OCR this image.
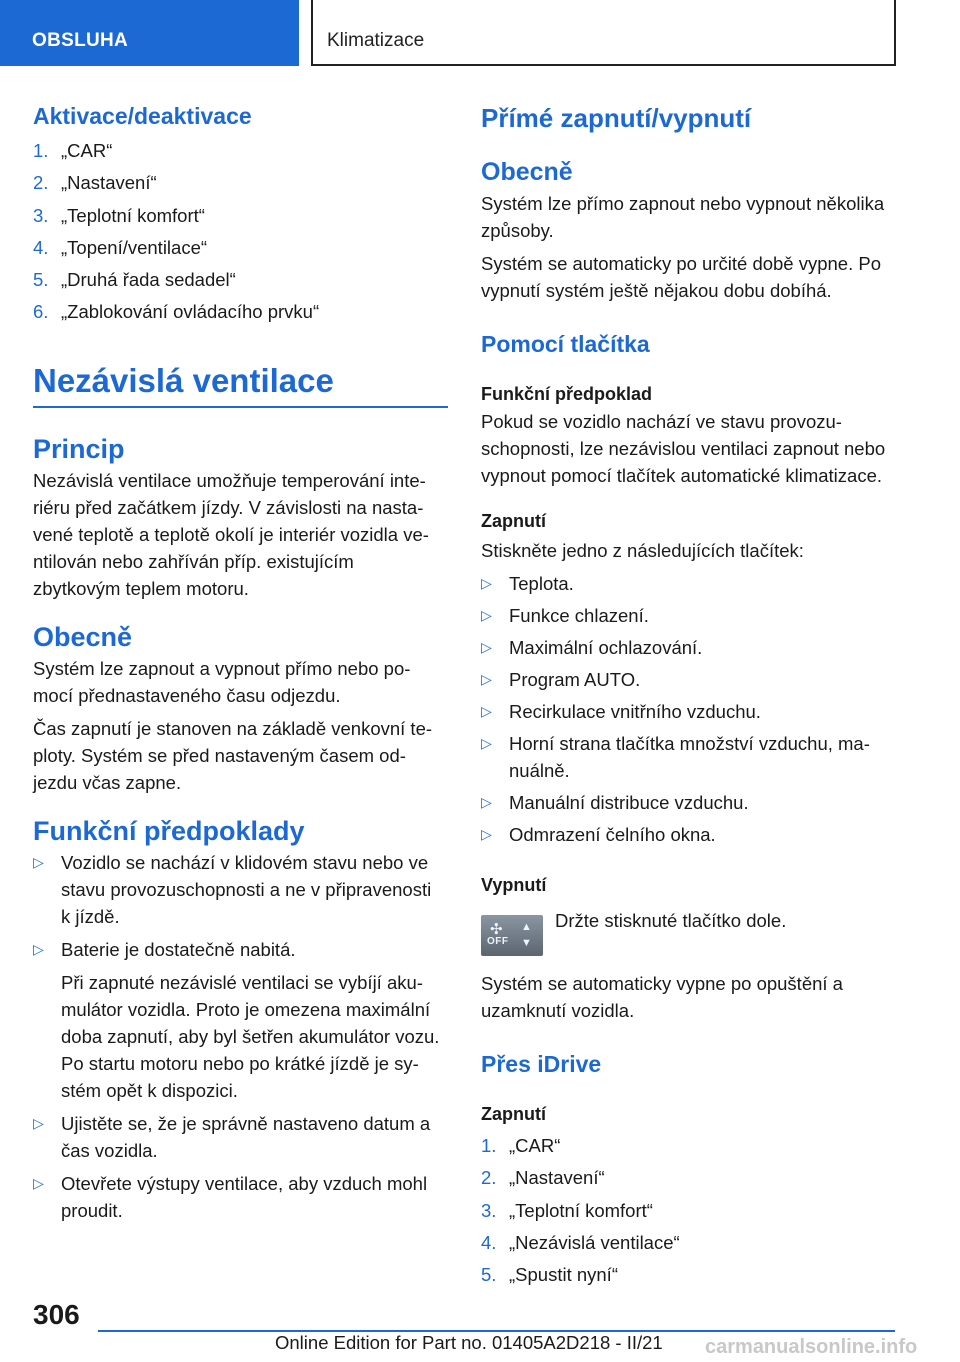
OBSLUHA	Klimatizace
Aktivace/deaktivace
1. „CAR“
2. „Nastavení“
3. „Teplotní komfort“
4. „Topení/ventilace“
5. „Druhá řada sedadel“
6. „Zablokování ovládacího prvku“
Nezávislá ventilace
Princip
Nezávislá ventilace umožňuje temperování inte-
riéru před začátkem jízdy. V závislosti na nasta-
vené teplotě a teplotě okolí je interiér vozidla ve-
ntilován nebo zahříván příp. existujícím
zbytkovým teplem motoru.
Obecně
Systém lze zapnout a vypnout přímo nebo po-
mocí přednastaveného času odjezdu.
Čas zapnutí je stanoven na základě venkovní te-
ploty. Systém se před nastaveným časem od-
jezdu včas zapne.
Funkční předpoklady
▷ Vozidlo se nachází v klidovém stavu nebo ve
stavu provozuschopnosti a ne v připravenosti
k jízdě.
▷ Baterie je dostatečně nabitá.
Při zapnuté nezávislé ventilaci se vybíjí aku-
mulátor vozidla. Proto je omezena maximální
doba zapnutí, aby byl šetřen akumulátor vozu.
Po startu motoru nebo po krátké jízdě je sy-
stém opět k dispozici.
▷ Ujistěte se, že je správně nastaveno datum a
čas vozidla.
▷ Otevřete výstupy ventilace, aby vzduch mohl
proudit.
Přímé zapnutí/vypnutí
Obecně
Systém lze přímo zapnout nebo vypnout několika
způsoby.
Systém se automaticky po určité době vypne. Po
vypnutí systém ještě nějakou dobu dobíhá.
Pomocí tlačítka
Funkční předpoklad
Pokud se vozidlo nachází ve stavu provozu-
schopnosti, lze nezávislou ventilaci zapnout nebo
vypnout pomocí tlačítek automatické klimatizace.
Zapnutí
Stiskněte jedno z následujících tlačítek:
▷ Teplota.
▷ Funkce chlazení.
▷ Maximální ochlazování.
▷ Program AUTO.
▷ Recirkulace vnitřního vzduchu.
▷ Horní strana tlačítka množství vzduchu, ma-
nuálně.
▷ Manuální distribuce vzduchu.
▷ Odmrazení čelního okna.
Vypnutí
✣
OFF
▲
▼
Držte stisknuté tlačítko dole.
Systém se automaticky vypne po opuštění a
uzamknutí vozidla.
Přes iDrive
Zapnutí
1. „CAR“
2. „Nastavení“
3. „Teplotní komfort“
4. „Nezávislá ventilace“
5. „Spustit nyní“
306
Online Edition for Part no. 01405A2D218 - II/21 carmanualsonline.info
